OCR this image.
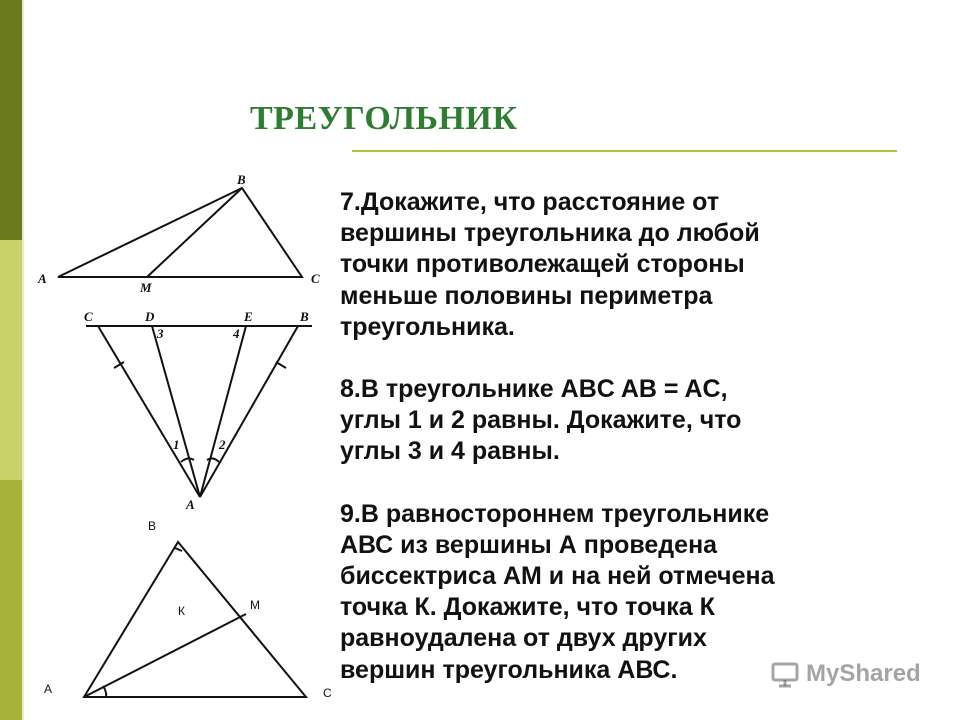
ТРЕУГОЛЬНИК
B
A	C
M
C	D	E	B
3	4
1	2
A
В
К	М
А	С

7.Докажите, что расстояние от
вершины треугольника до любой
точки противолежащей стороны
меньше половины периметра
треугольника.

8.В треугольнике ABC AB = AC,
углы 1 и 2 равны. Докажите, что
углы 3 и 4 равны.

9.В равностороннем треугольнике
АВС из вершины А проведена
биссектриса АМ и на ней отмечена
точка К. Докажите, что точка К
равноудалена от двух других
вершин треугольника АВС.	MyShared
